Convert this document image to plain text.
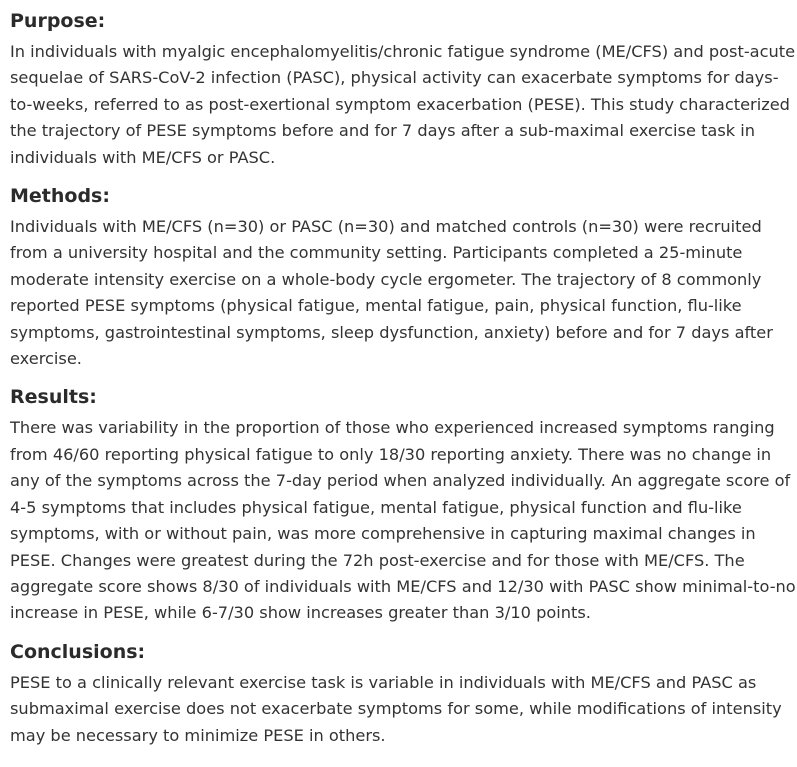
Purpose:

In individuals with myalgic encephalomyelitis/chronic fatigue syndrome (ME/CFS) and post-acute sequelae of SARS-CoV-2 infection (PASC), physical activity can exacerbate symptoms for days-to-weeks, referred to as post-exertional symptom exacerbation (PESE). This study characterized the trajectory of PESE symptoms before and for 7 days after a sub-maximal exercise task in individuals with ME/CFS or PASC.

Methods:

Individuals with ME/CFS (n=30) or PASC (n=30) and matched controls (n=30) were recruited from a university hospital and the community setting. Participants completed a 25-minute moderate intensity exercise on a whole-body cycle ergometer. The trajectory of 8 commonly reported PESE symptoms (physical fatigue, mental fatigue, pain, physical function, flu-like symptoms, gastrointestinal symptoms, sleep dysfunction, anxiety) before and for 7 days after exercise.

Results:

There was variability in the proportion of those who experienced increased symptoms ranging from 46/60 reporting physical fatigue to only 18/30 reporting anxiety. There was no change in any of the symptoms across the 7-day period when analyzed individually. An aggregate score of 4-5 symptoms that includes physical fatigue, mental fatigue, physical function and flu-like symptoms, with or without pain, was more comprehensive in capturing maximal changes in PESE. Changes were greatest during the 72h post-exercise and for those with ME/CFS. The aggregate score shows 8/30 of individuals with ME/CFS and 12/30 with PASC show minimal-to-no increase in PESE, while 6-7/30 show increases greater than 3/10 points.

Conclusions:

PESE to a clinically relevant exercise task is variable in individuals with ME/CFS and PASC as submaximal exercise does not exacerbate symptoms for some, while modifications of intensity may be necessary to minimize PESE in others.
